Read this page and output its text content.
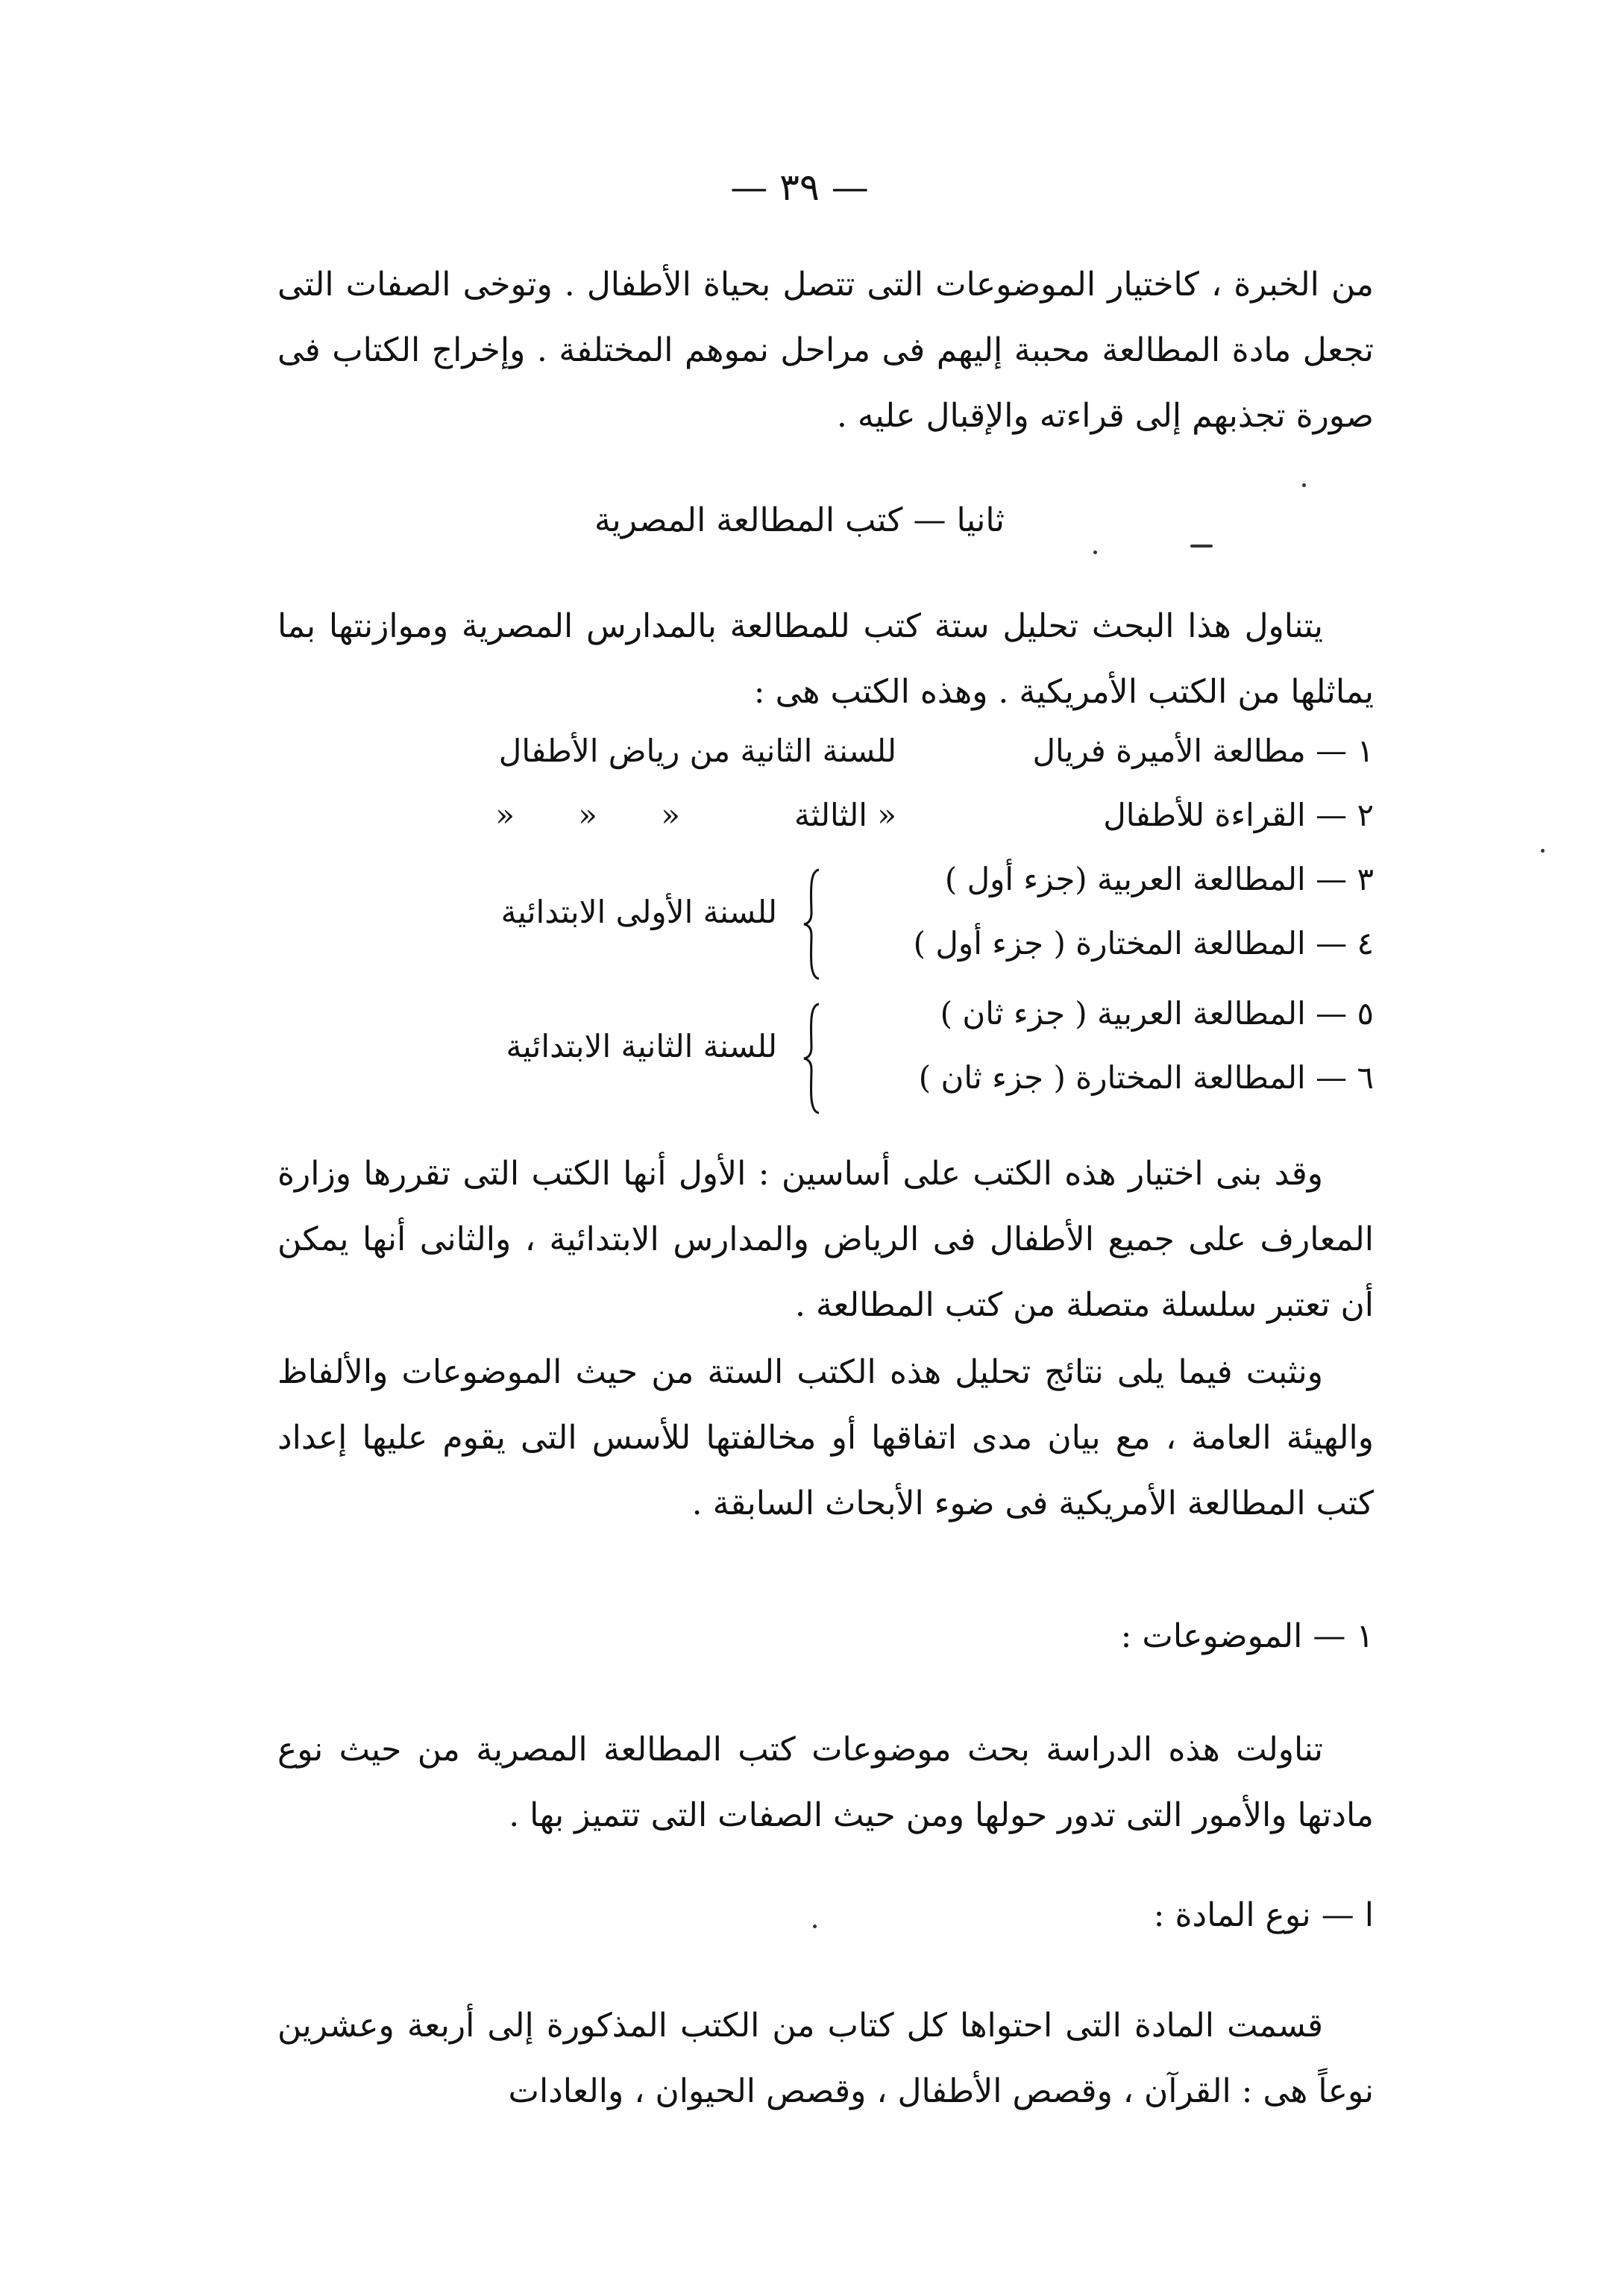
— ٣٩ —
من الخبرة ، كاختيار الموضوعات التى تتصل بحياة الأطفال . وتوخى الصفات التى تجعل مادة المطالعة محببة إليهم فى مراحل نموهم المختلفة . وإخراج الكتاب فى صورة تجذبهم إلى قراءته والإقبال عليه .
ثانيا — كتب المطالعة المصرية
يتناول هذا البحث تحليل ستة كتب للمطالعة بالمدارس المصرية وموازنتها بما يماثلها من الكتب الأمريكية . وهذه الكتب هى :
١ — مطالعة الأميرة فريال
للسنة الثانية من رياض الأطفال
٢ — القراءة للأطفال
« الثالثة
« « «
٣ — المطالعة العربية (جزء أول )
٤ — المطالعة المختارة ( جزء أول )
للسنة الأولى الابتدائية
٥ — المطالعة العربية ( جزء ثان )
٦ — المطالعة المختارة ( جزء ثان )
للسنة الثانية الابتدائية
وقد بنى اختيار هذه الكتب على أساسين : الأول أنها الكتب التى تقررها وزارة المعارف على جميع الأطفال فى الرياض والمدارس الابتدائية ، والثانى أنها يمكن أن تعتبر سلسلة متصلة من كتب المطالعة .
ونثبت فيما يلى نتائج تحليل هذه الكتب الستة من حيث الموضوعات والألفاظ والهيئة العامة ، مع بيان مدى اتفاقها أو مخالفتها للأسس التى يقوم عليها إعداد كتب المطالعة الأمريكية فى ضوء الأبحاث السابقة .
١ — الموضوعات :
تناولت هذه الدراسة بحث موضوعات كتب المطالعة المصرية من حيث نوع مادتها والأمور التى تدور حولها ومن حيث الصفات التى تتميز بها .
ا — نوع المادة :
قسمت المادة التى احتواها كل كتاب من الكتب المذكورة إلى أربعة وعشرين نوعاً هى : القرآن ، وقصص الأطفال ، وقصص الحيوان ، والعادات
